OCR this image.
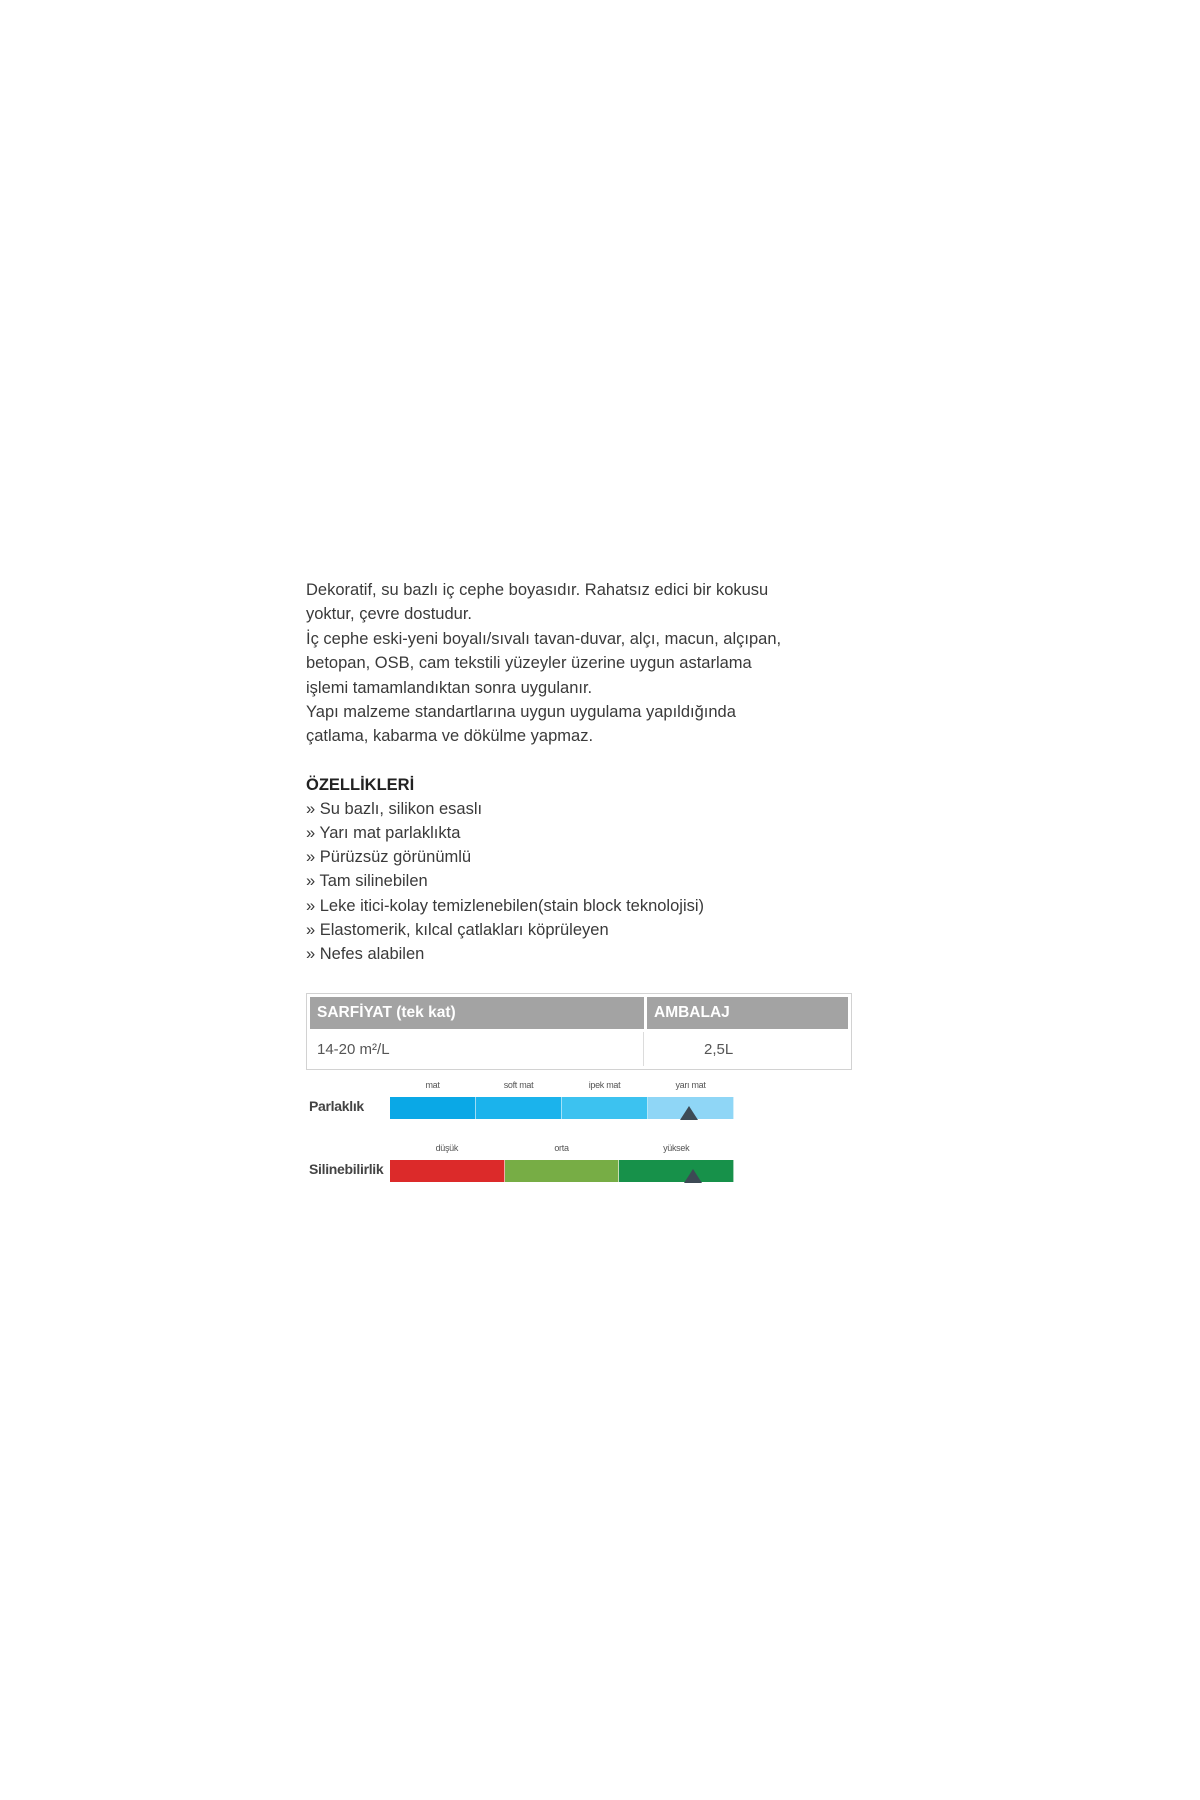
Dekoratif, su bazlı iç cephe boyasıdır. Rahatsız edici bir kokusu

yoktur, çevre dostudur.

İç cephe eski-yeni boyalı/sıvalı tavan-duvar, alçı, macun, alçıpan,

betopan, OSB, cam tekstili yüzeyler üzerine uygun astarlama

işlemi tamamlandıktan sonra uygulanır.

Yapı malzeme standartlarına uygun uygulama yapıldığında

çatlama, kabarma ve dökülme yapmaz.

ÖZELLİKLERİ
» Su bazlı, silikon esaslı
» Yarı mat parlaklıkta
» Pürüzsüz görünümlü
» Tam silinebilen
» Leke itici-kolay temizlenebilen(stain block teknolojisi)
» Elastomerik, kılcal çatlakları köprüleyen
» Nefes alabilen
SARFİYAT (tek kat)	AMBALAJ
14-20 m²/L	2,5L
Parlaklık
mat	soft mat	ipek mat	yarı mat
Silinebilirlik
düşük	orta	yüksek
